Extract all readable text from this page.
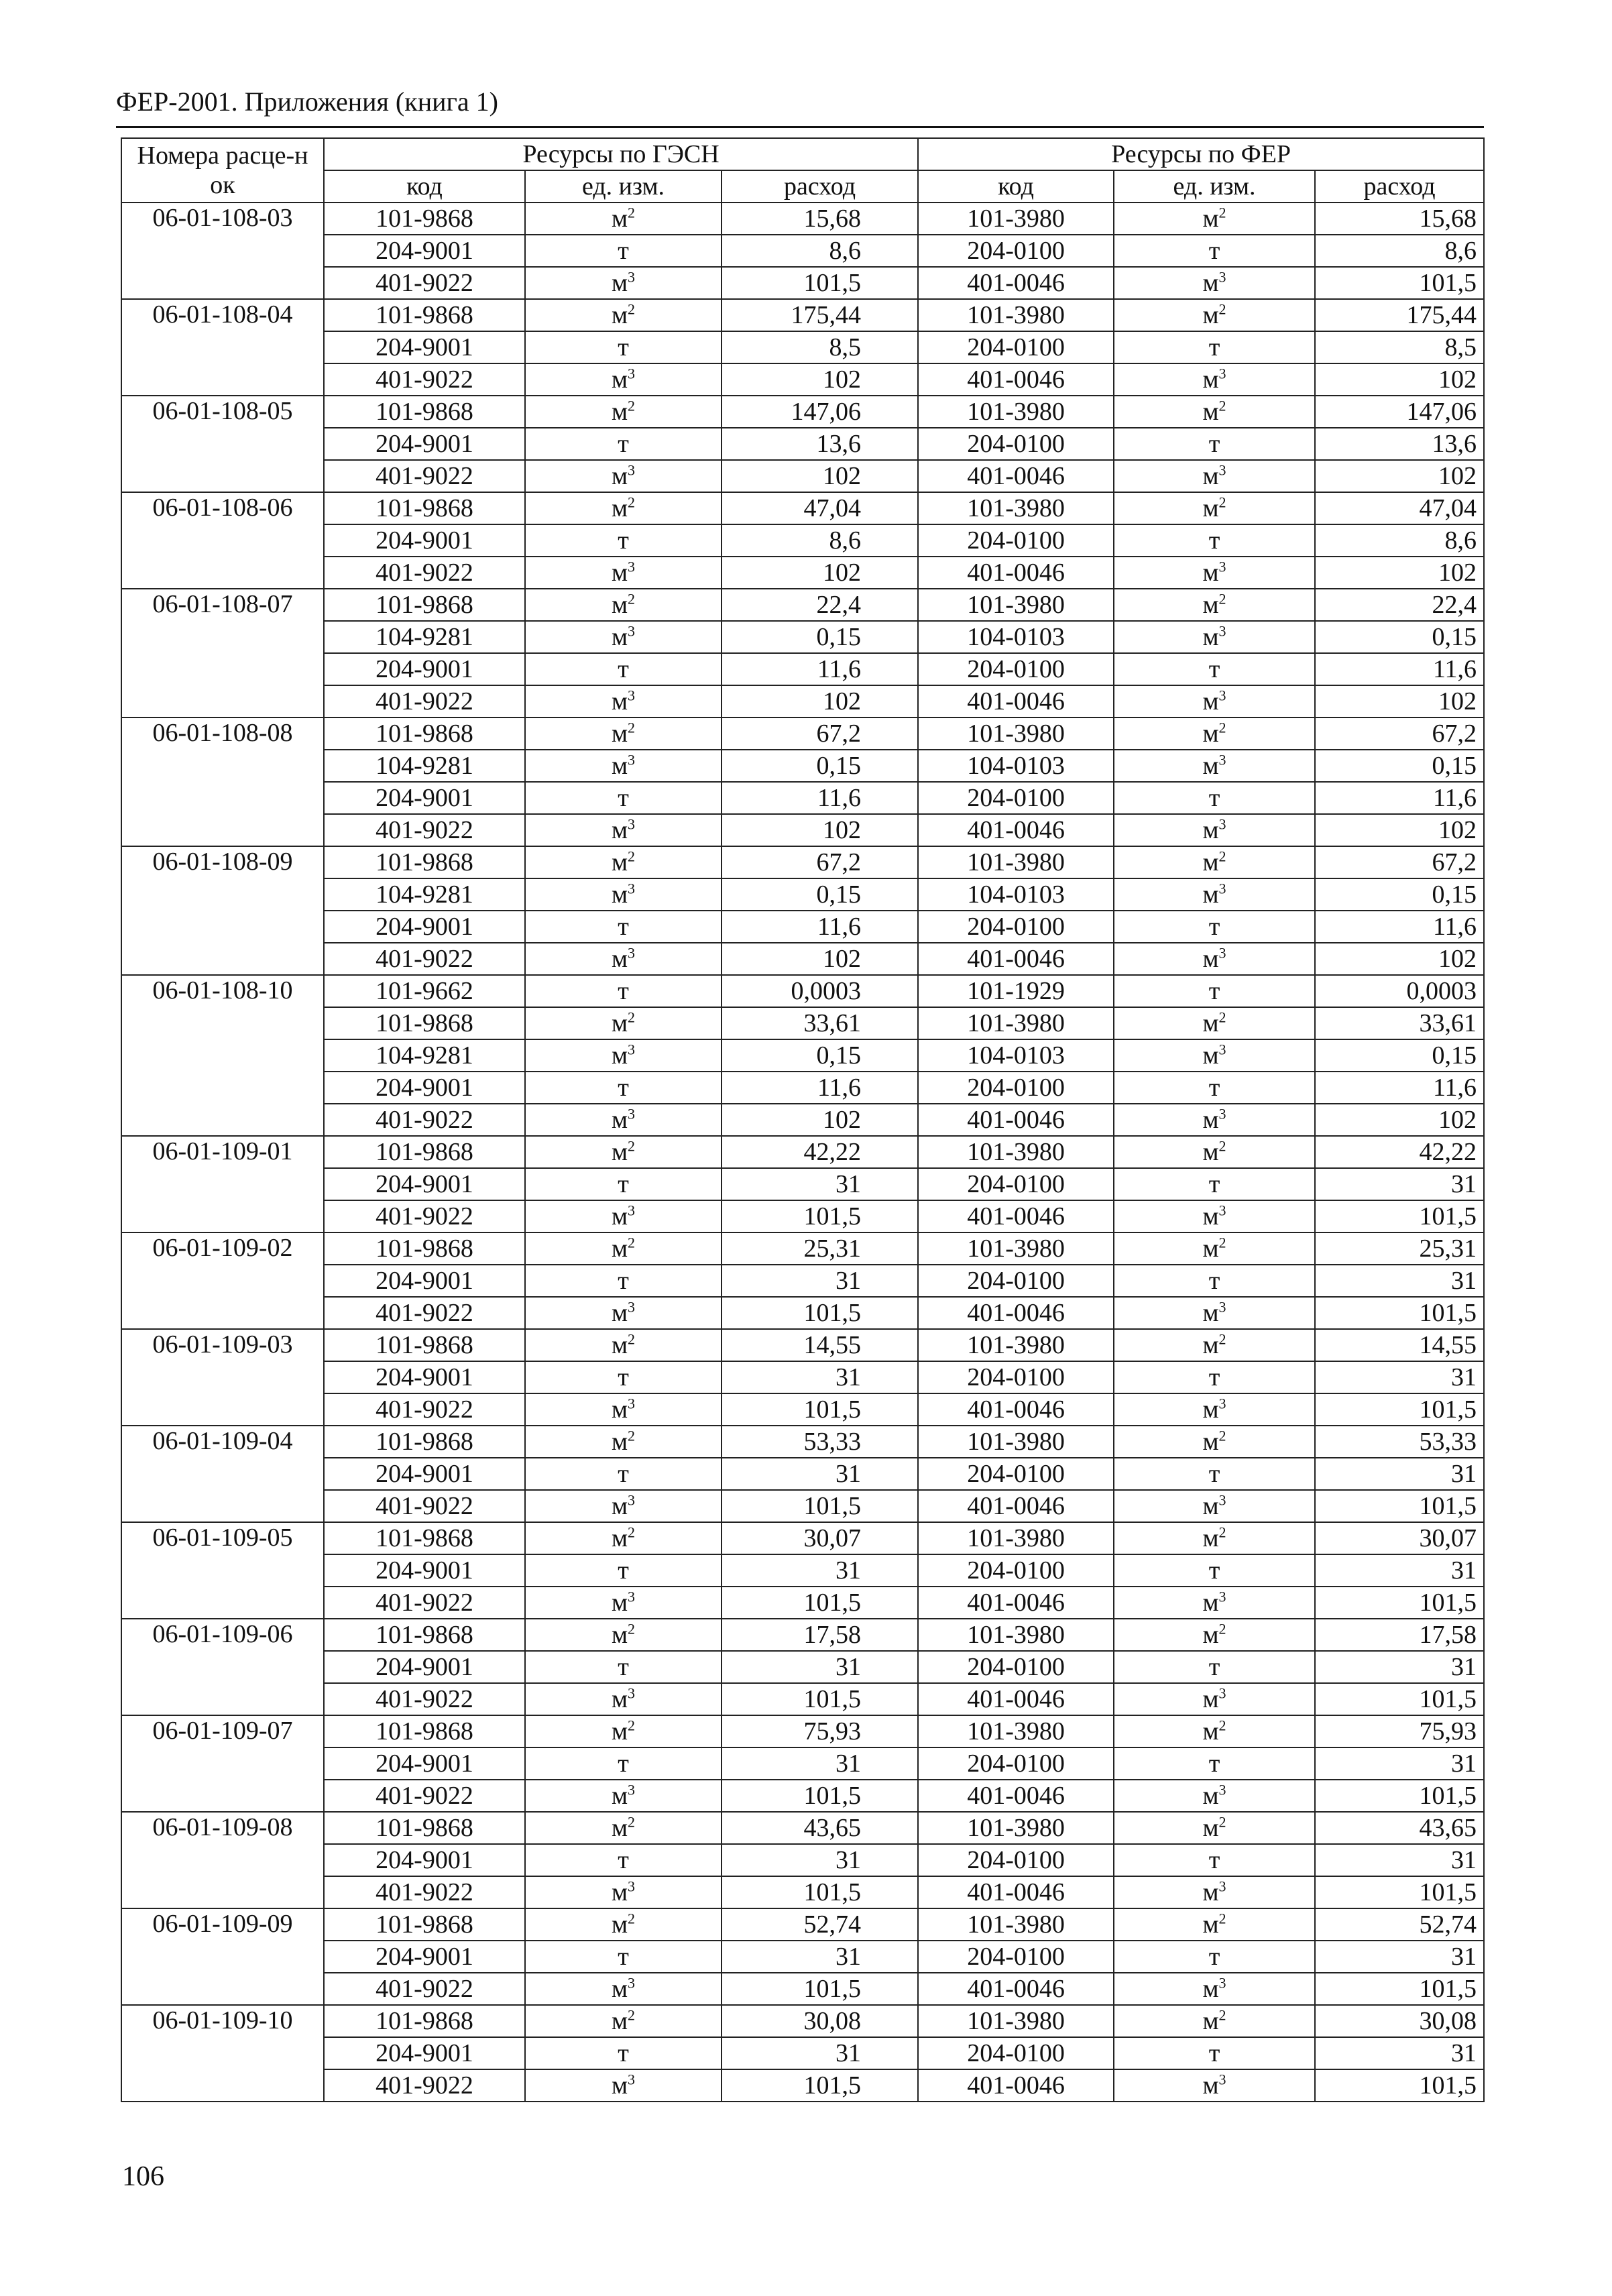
ФЕР-2001. Приложения (книга 1)
Номера расце-нок	Ресурсы по ГЭСН			Ресурсы по ФЕР		
	код	ед. изм.	расход	код	ед. изм.	расход
06-01-108-03	101-9868	$м^2$	15,68	101-3980	$м^2$	15,68
	204-9001	т	8,6	204-0100	т	8,6
	401-9022	$м^3$	101,5	401-0046	$м^3$	101,5
06-01-108-04	101-9868	$м^2$	175,44	101-3980	$м^2$	175,44
	204-9001	т	8,5	204-0100	т	8,5
	401-9022	$м^3$	102	401-0046	$м^3$	102
06-01-108-05	101-9868	$м^2$	147,06	101-3980	$м^2$	147,06
	204-9001	т	13,6	204-0100	т	13,6
	401-9022	$м^3$	102	401-0046	$м^3$	102
06-01-108-06	101-9868	$м^2$	47,04	101-3980	$м^2$	47,04
	204-9001	т	8,6	204-0100	т	8,6
	401-9022	$м^3$	102	401-0046	$м^3$	102
06-01-108-07	101-9868	$м^2$	22,4	101-3980	$м^2$	22,4
	104-9281	$м^3$	0,15	104-0103	$м^3$	0,15
	204-9001	т	11,6	204-0100	т	11,6
	401-9022	$м^3$	102	401-0046	$м^3$	102
06-01-108-08	101-9868	$м^2$	67,2	101-3980	$м^2$	67,2
	104-9281	$м^3$	0,15	104-0103	$м^3$	0,15
	204-9001	т	11,6	204-0100	т	11,6
	401-9022	$м^3$	102	401-0046	$м^3$	102
06-01-108-09	101-9868	$м^2$	67,2	101-3980	$м^2$	67,2
	104-9281	$м^3$	0,15	104-0103	$м^3$	0,15
	204-9001	т	11,6	204-0100	т	11,6
	401-9022	$м^3$	102	401-0046	$м^3$	102
06-01-108-10	101-9662	т	0,0003	101-1929	т	0,0003
	101-9868	$м^2$	33,61	101-3980	$м^2$	33,61
	104-9281	$м^3$	0,15	104-0103	$м^3$	0,15
	204-9001	т	11,6	204-0100	т	11,6
	401-9022	$м^3$	102	401-0046	$м^3$	102
06-01-109-01	101-9868	$м^2$	42,22	101-3980	$м^2$	42,22
	204-9001	т	31	204-0100	т	31
	401-9022	$м^3$	101,5	401-0046	$м^3$	101,5
06-01-109-02	101-9868	$м^2$	25,31	101-3980	$м^2$	25,31
	204-9001	т	31	204-0100	т	31
	401-9022	$м^3$	101,5	401-0046	$м^3$	101,5
06-01-109-03	101-9868	$м^2$	14,55	101-3980	$м^2$	14,55
	204-9001	т	31	204-0100	т	31
	401-9022	$м^3$	101,5	401-0046	$м^3$	101,5
06-01-109-04	101-9868	$м^2$	53,33	101-3980	$м^2$	53,33
	204-9001	т	31	204-0100	т	31
	401-9022	$м^3$	101,5	401-0046	$м^3$	101,5
06-01-109-05	101-9868	$м^2$	30,07	101-3980	$м^2$	30,07
	204-9001	т	31	204-0100	т	31
	401-9022	$м^3$	101,5	401-0046	$м^3$	101,5
06-01-109-06	101-9868	$м^2$	17,58	101-3980	$м^2$	17,58
	204-9001	т	31	204-0100	т	31
	401-9022	$м^3$	101,5	401-0046	$м^3$	101,5
06-01-109-07	101-9868	$м^2$	75,93	101-3980	$м^2$	75,93
	204-9001	т	31	204-0100	т	31
	401-9022	$м^3$	101,5	401-0046	$м^3$	101,5
06-01-109-08	101-9868	$м^2$	43,65	101-3980	$м^2$	43,65
	204-9001	т	31	204-0100	т	31
	401-9022	$м^3$	101,5	401-0046	$м^3$	101,5
06-01-109-09	101-9868	$м^2$	52,74	101-3980	$м^2$	52,74
	204-9001	т	31	204-0100	т	31
	401-9022	$м^3$	101,5	401-0046	$м^3$	101,5
06-01-109-10	101-9868	$м^2$	30,08	101-3980	$м^2$	30,08
	204-9001	т	31	204-0100	т	31
	401-9022	$м^3$	101,5	401-0046	$м^3$	101,5
106
